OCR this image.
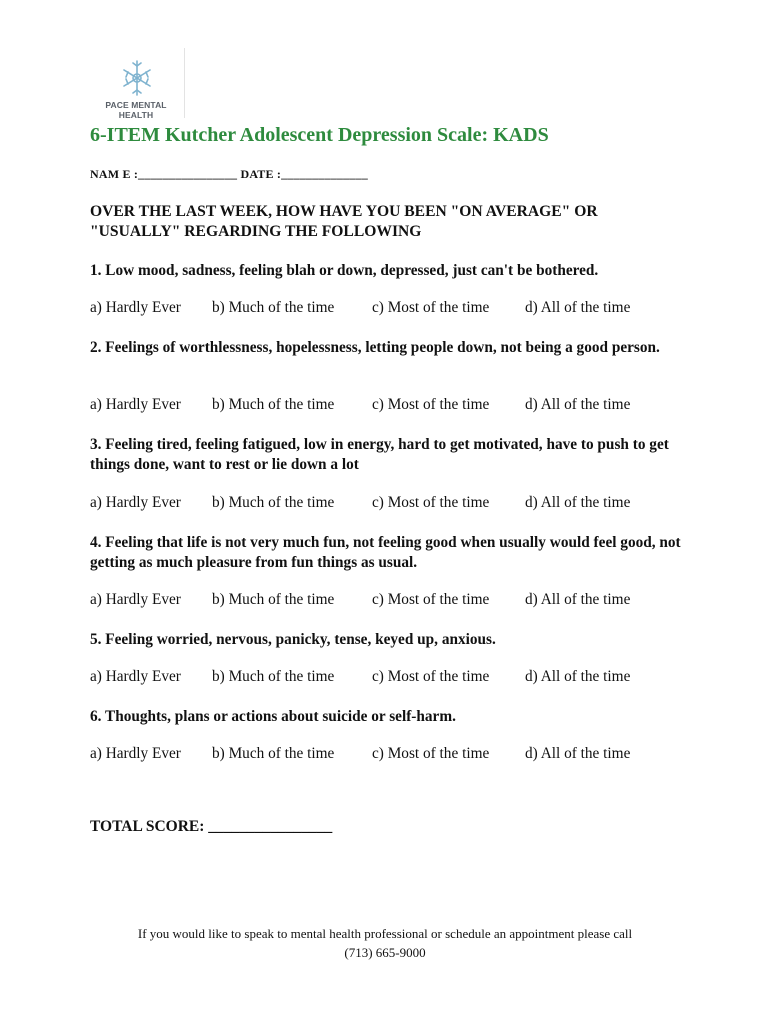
PACE MENTAL HEALTH
6-ITEM Kutcher Adolescent Depression Scale: KADS
NAM E :________________ DATE :______________

OVER THE LAST WEEK, HOW HAVE YOU BEEN "ON AVERAGE" OR "USUALLY" REGARDING THE FOLLOWING

1. Low mood, sadness, feeling blah or down, depressed, just can't be bothered.

a) Hardly Ever b) Much of the time c) Most of the time d) All of the time

2. Feelings of worthlessness, hopelessness, letting people down, not being a good person.

a) Hardly Ever b) Much of the time c) Most of the time d) All of the time

3. Feeling tired, feeling fatigued, low in energy, hard to get motivated, have to push to get things done, want to rest or lie down a lot

a) Hardly Ever b) Much of the time c) Most of the time d) All of the time

4. Feeling that life is not very much fun, not feeling good when usually would feel good, not getting as much pleasure from fun things as usual.

a) Hardly Ever b) Much of the time c) Most of the time d) All of the time

5. Feeling worried, nervous, panicky, tense, keyed up, anxious.

a) Hardly Ever b) Much of the time c) Most of the time d) All of the time

6. Thoughts, plans or actions about suicide or self-harm.

a) Hardly Ever b) Much of the time c) Most of the time d) All of the time
TOTAL SCORE: ________________
If you would like to speak to mental health professional or schedule an appointment please call
(713) 665-9000
